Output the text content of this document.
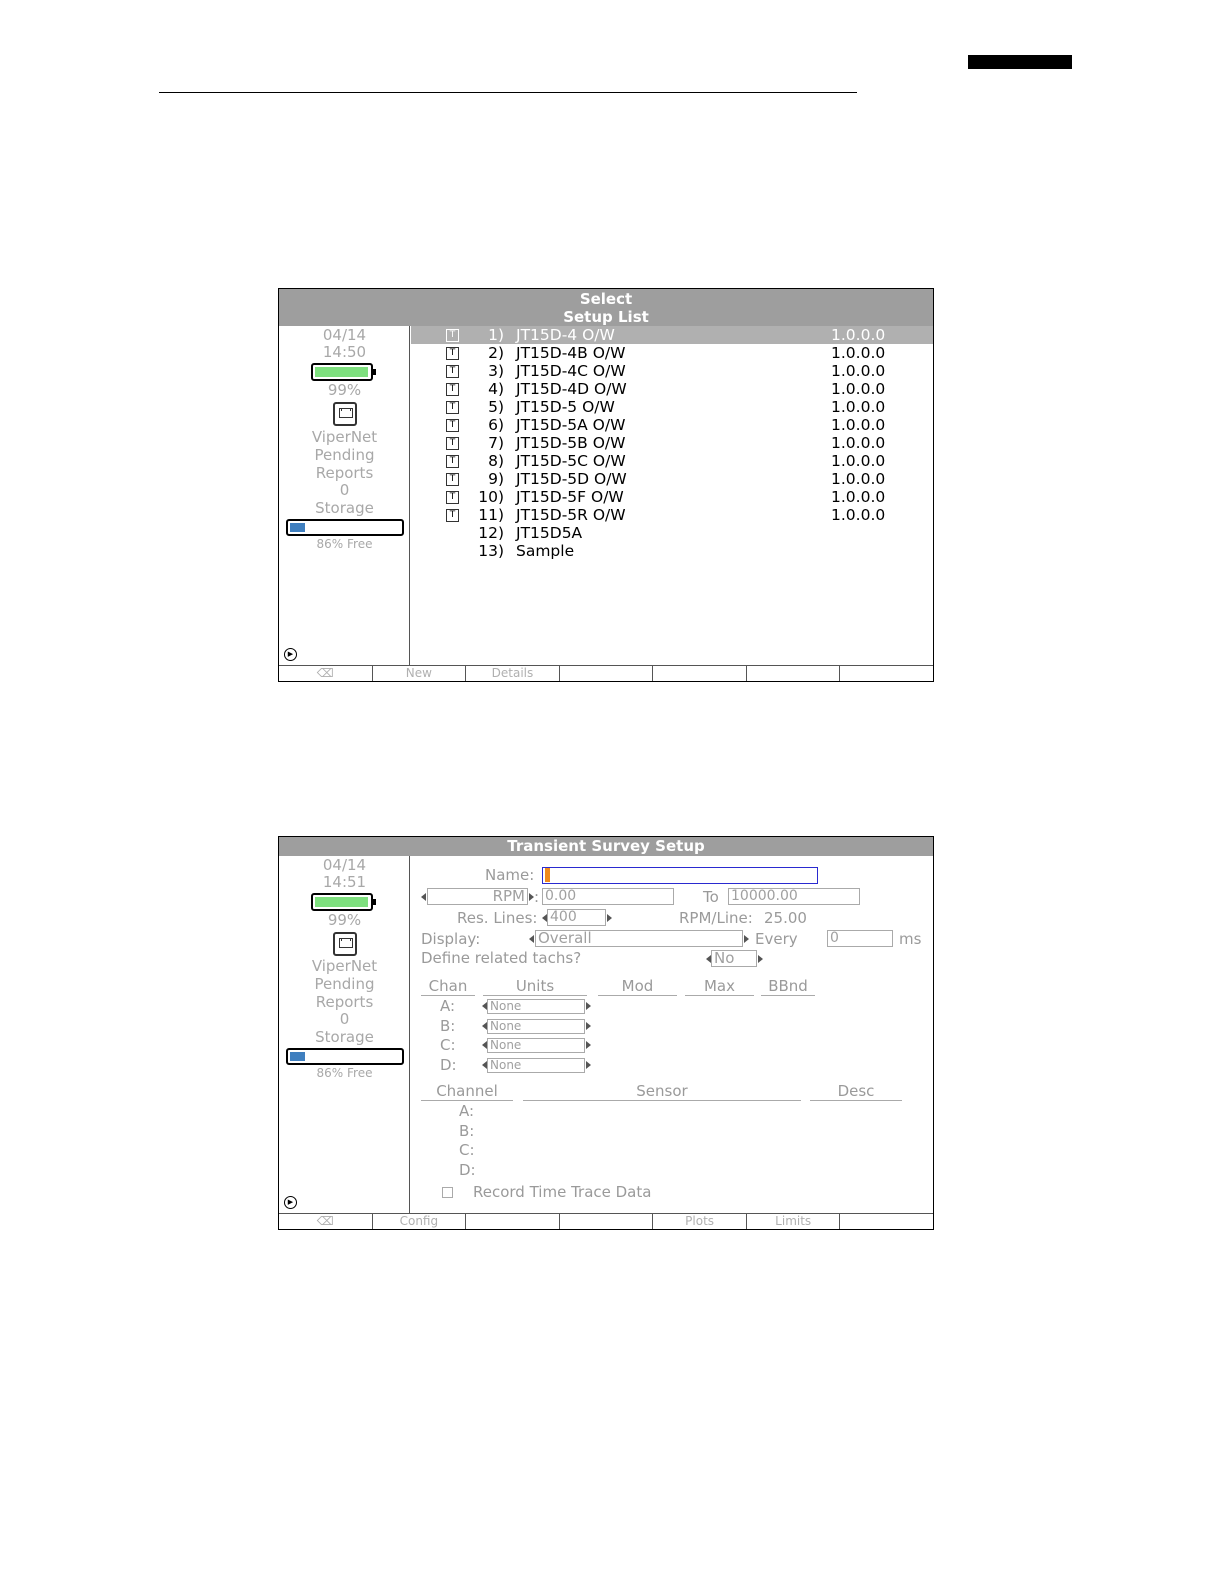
Select
Setup List
04/14
14:50
99%
ViperNet
Pending
Reports
0
Storage
86% Free
▶
T	1) JT15D-4 O/W	1.0.0.0
T	2) JT15D-4B O/W	1.0.0.0
T	3) JT15D-4C O/W	1.0.0.0
T	4) JT15D-4D O/W	1.0.0.0
T	5) JT15D-5 O/W	1.0.0.0
T	6) JT15D-5A O/W	1.0.0.0
T	7) JT15D-5B O/W	1.0.0.0
T	8) JT15D-5C O/W	1.0.0.0
T	9) JT15D-5D O/W	1.0.0.0
T	10) JT15D-5F O/W	1.0.0.0
T	11) JT15D-5R O/W	1.0.0.0
12) JT15D5A
13) Sample
⌫	New	Details
Transient Survey Setup
04/14
14:51
99%
ViperNet
Pending
Reports
0
Storage
86% Free
▶
Name:
RPM : 0.00	To 10000.00
Res. Lines: 400	RPM/Line: 25.00
Display:	Overall	Every 0	ms
Define related tachs?	No
Chan	Units	Mod	Max	BBnd
A:	None
B:	None
C:	None
D:	None
Channel	Sensor	Desc
A:
B:
C:
D:
Record Time Trace Data
⌫	Config	Plots	Limits
